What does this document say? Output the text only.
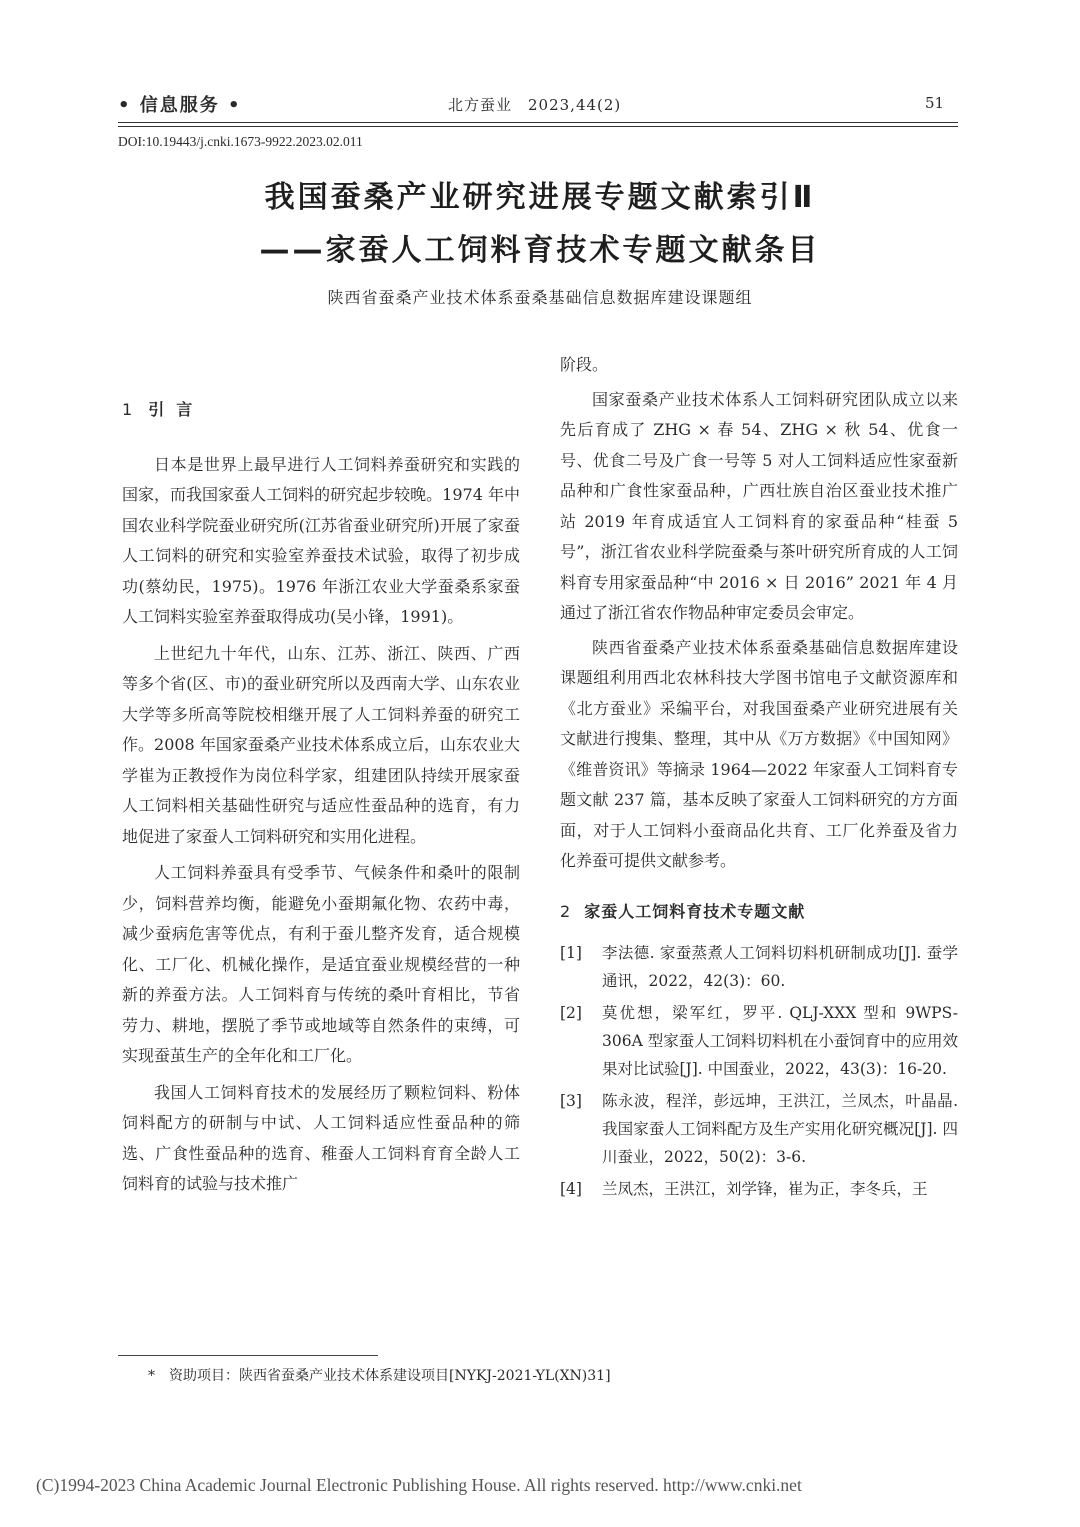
• 信息服务 •	北方蚕业　2023,44(2)	51
DOI:10.19443/j.cnki.1673-9922.2023.02.011
我国蚕桑产业研究进展专题文献索引Ⅱ
——家蚕人工饲料育技术专题文献条目
陕西省蚕桑产业技术体系蚕桑基础信息数据库建设课题组

1 引言

日本是世界上最早进行人工饲料养蚕研究和实践的国家，而我国家蚕人工饲料的研究起步较晚。1974 年中国农业科学院蚕业研究所(江苏省蚕业研究所)开展了家蚕人工饲料的研究和实验室养蚕技术试验，取得了初步成功(蔡幼民，1975)。1976 年浙江农业大学蚕桑系家蚕人工饲料实验室养蚕取得成功(吴小锋，1991)。

上世纪九十年代，山东、江苏、浙江、陕西、广西等多个省(区、市)的蚕业研究所以及西南大学、山东农业大学等多所高等院校相继开展了人工饲料养蚕的研究工作。2008 年国家蚕桑产业技术体系成立后，山东农业大学崔为正教授作为岗位科学家，组建团队持续开展家蚕人工饲料相关基础性研究与适应性蚕品种的选育，有力地促进了家蚕人工饲料研究和实用化进程。

人工饲料养蚕具有受季节、气候条件和桑叶的限制少，饲料营养均衡，能避免小蚕期氟化物、农药中毒，减少蚕病危害等优点，有利于蚕儿整齐发育，适合规模化、工厂化、机械化操作，是适宜蚕业规模经营的一种新的养蚕方法。人工饲料育与传统的桑叶育相比，节省劳力、耕地，摆脱了季节或地域等自然条件的束缚，可实现蚕茧生产的全年化和工厂化。

我国人工饲料育技术的发展经历了颗粒饲料、粉体饲料配方的研制与中试、人工饲料适应性蚕品种的筛选、广食性蚕品种的选育、稚蚕人工饲料育育全龄人工饲料育的试验与技术推广

阶段。

国家蚕桑产业技术体系人工饲料研究团队成立以来先后育成了 ZHG × 春 54、ZHG × 秋 54、优食一号、优食二号及广食一号等 5 对人工饲料适应性家蚕新品种和广食性家蚕品种，广西壮族自治区蚕业技术推广站 2019 年育成适宜人工饲料育的家蚕品种“桂蚕 5 号”，浙江省农业科学院蚕桑与茶叶研究所育成的人工饲料育专用家蚕品种“中 2016 × 日 2016” 2021 年 4 月 通过了浙江省农作物品种审定委员会审定。

陕西省蚕桑产业技术体系蚕桑基础信息数据库建设课题组利用西北农林科技大学图书馆电子文献资源库和《北方蚕业》采编平台，对我国蚕桑产业研究进展有关文献进行搜集、整理，其中从《万方数据》《中国知网》《维普资讯》等摘录 1964—2022 年家蚕人工饲料育专题文献 237 篇，基本反映了家蚕人工饲料研究的方方面面，对于人工饲料小蚕商品化共育、工厂化养蚕及省力化养蚕可提供文献参考。

2 家蚕人工饲料育技术专题文献

[1]	李法德. 家蚕蒸煮人工饲料切料机研制成功[J]. 蚕学通讯，2022，42(3)：60.
[2]	莫优想，梁军红，罗平. QLJ-XXX 型和 9WPS-306A 型家蚕人工饲料切料机在小蚕饲育中的应用效果对比试验[J]. 中国蚕业，2022，43(3)：16-20.
[3]	陈永波，程洋，彭远坤，王洪江，兰凤杰，叶晶晶. 我国家蚕人工饲料配方及生产实用化研究概况[J]. 四川蚕业，2022，50(2)：3-6.
[4]	兰凤杰，王洪江，刘学锋，崔为正，李冬兵，王
*　资助项目：陕西省蚕桑产业技术体系建设项目[NYKJ-2021-YL(XN)31]
(C)1994-2023 China Academic Journal Electronic Publishing House. All rights reserved. http://www.cnki.net
